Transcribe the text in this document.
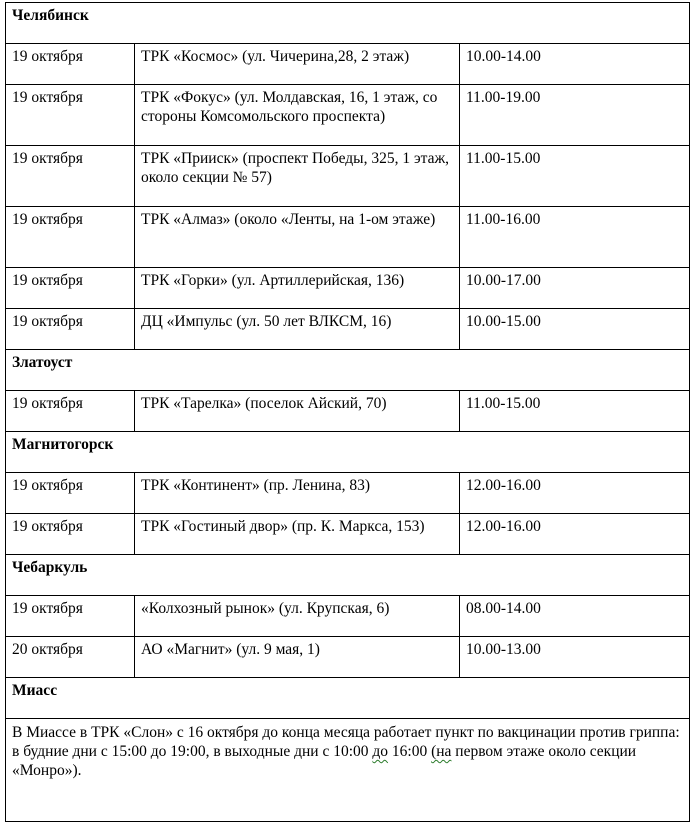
Челябинск		
19 октября	ТРК «Космос» (ул. Чичерина,28, 2 этаж)	10.00-14.00
19 октября	ТРК «Фокус» (ул. Молдавская, 16, 1 этаж, со стороны Комсомольского проспекта)	11.00-19.00
19 октября	ТРК «Прииск» (проспект Победы, 325, 1 этаж, около секции № 57)	11.00-15.00
19 октября	ТРК «Алмаз» (около «Ленты, на 1-ом этаже)	11.00-16.00
19 октября	ТРК «Горки» (ул. Артиллерийская, 136)	10.00-17.00
19 октября	ДЦ «Импульс (ул. 50 лет ВЛКСМ, 16)	10.00-15.00
Златоуст		
19 октября	ТРК «Тарелка» (поселок Айский, 70)	11.00-15.00
Магнитогорск		
19 октября	ТРК «Континент» (пр. Ленина, 83)	12.00-16.00
19 октября	ТРК «Гостиный двор» (пр. К. Маркса, 153)	12.00-16.00
Чебаркуль		
19 октября	«Колхозный рынок» (ул. Крупская, 6)	08.00-14.00
20 октября	АО «Магнит» (ул. 9 мая, 1)	10.00-13.00
Миасс		
В Миассе в ТРК «Слон» с 16 октября до конца месяца работает пункт по вакцинации против гриппа: в будние дни с 15:00 до 19:00, в выходные дни с 10:00 до 16:00 (на первом этаже около секции «Монро»).		
